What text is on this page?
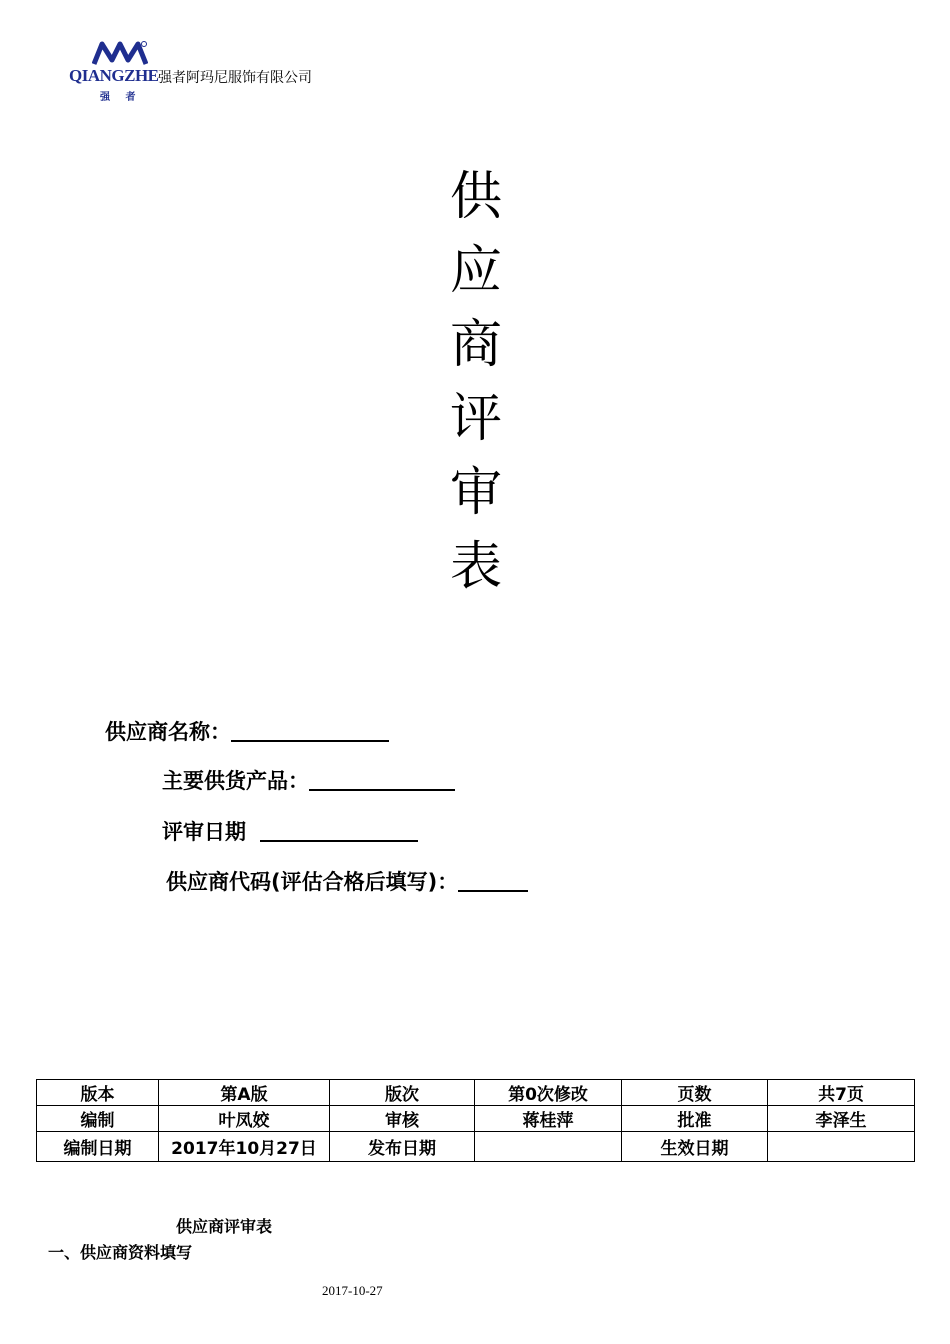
QIANGZHE
强 者
强者阿玛尼服饰有限公司
供
应
商
评
审
表
供应商名称：
主要供货产品：
评审日期
供应商代码(评估合格后填写)：
版本	第A版	版次	第0次修改	页数	共7页
编制	叶凤姣	审核	蒋桂萍	批准	李泽生
编制日期	2017年10月27日	发布日期		生效日期	
供应商评审表
一、供应商资料填写
2017-10-27
